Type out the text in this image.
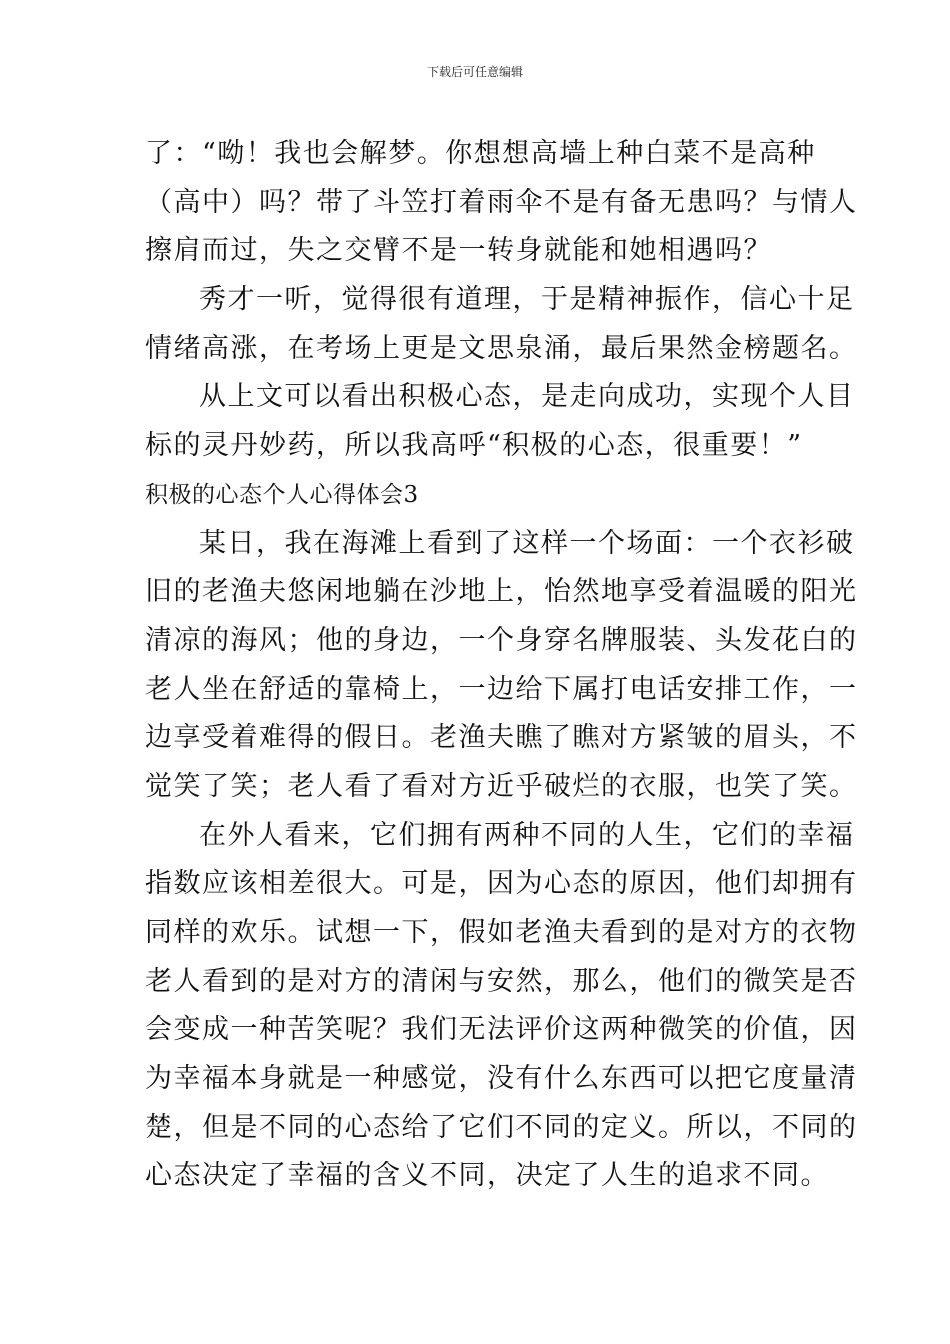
下载后可任意编辑
了：“呦！我也会解梦。你想想高墙上种白菜不是高种
（高中）吗？带了斗笠打着雨伞不是有备无患吗？与情人
擦肩而过，失之交臂不是一转身就能和她相遇吗？
秀才一听，觉得很有道理，于是精神振作，信心十足
情绪高涨，在考场上更是文思泉涌，最后果然金榜题名。
从上文可以看出积极心态，是走向成功，实现个人目
标的灵丹妙药，所以我高呼“积极的心态，很重要！”
积极的心态个人心得体会3
某日，我在海滩上看到了这样一个场面：一个衣衫破
旧的老渔夫悠闲地躺在沙地上，怡然地享受着温暖的阳光
清凉的海风；他的身边，一个身穿名牌服装、头发花白的
老人坐在舒适的靠椅上，一边给下属打电话安排工作，一
边享受着难得的假日。老渔夫瞧了瞧对方紧皱的眉头，不
觉笑了笑；老人看了看对方近乎破烂的衣服，也笑了笑。
在外人看来，它们拥有两种不同的人生，它们的幸福
指数应该相差很大。可是，因为心态的原因，他们却拥有
同样的欢乐。试想一下，假如老渔夫看到的是对方的衣物
老人看到的是对方的清闲与安然，那么，他们的微笑是否
会变成一种苦笑呢？我们无法评价这两种微笑的价值，因
为幸福本身就是一种感觉，没有什么东西可以把它度量清
楚，但是不同的心态给了它们不同的定义。所以，不同的
心态决定了幸福的含义不同，决定了人生的追求不同。
